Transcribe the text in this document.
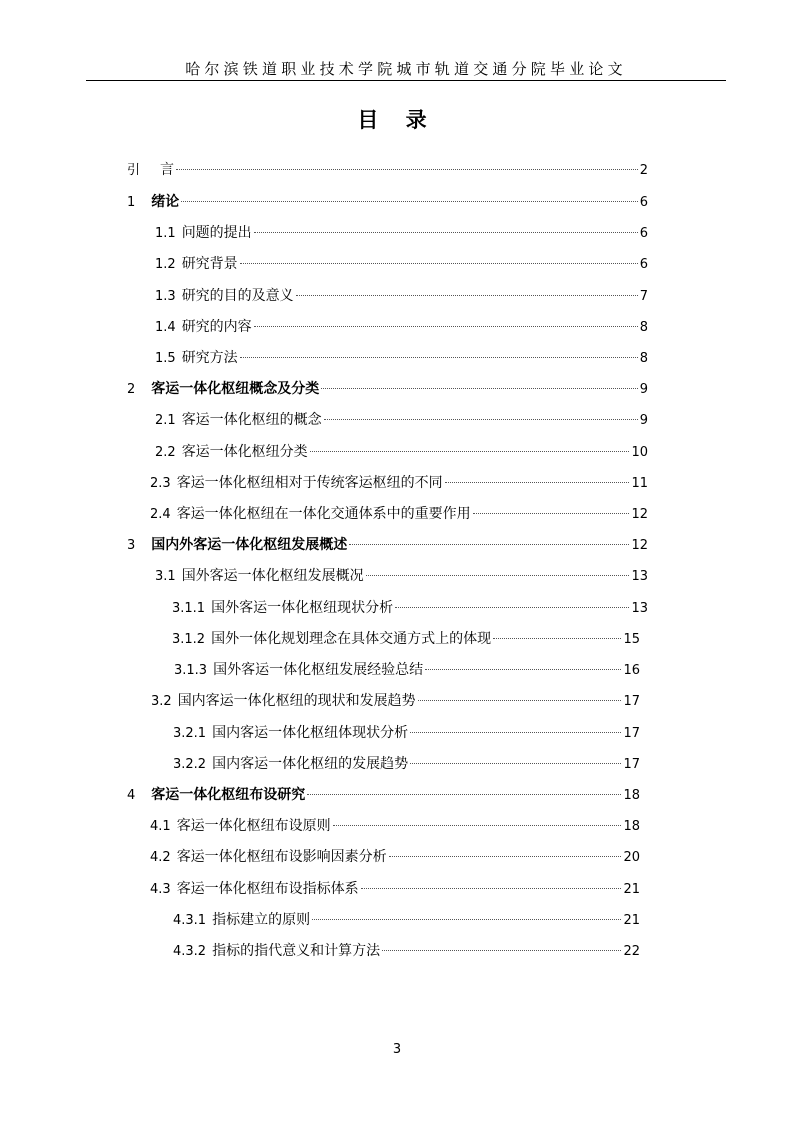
哈尔滨铁道职业技术学院城市轨道交通分院毕业论文
目 录
引 言	2
1 绪论	6
1.1 问题的提出	6
1.2 研究背景	6
1.3 研究的目的及意义	7
1.4 研究的内容	8
1.5 研究方法	8
2 客运一体化枢纽概念及分类	9
2.1 客运一体化枢纽的概念	9
2.2 客运一体化枢纽分类	10
2.3 客运一体化枢纽相对于传统客运枢纽的不同	11
2.4 客运一体化枢纽在一体化交通体系中的重要作用	12
3 国内外客运一体化枢纽发展概述	12
3.1 国外客运一体化枢纽发展概况	13
3.1.1 国外客运一体化枢纽现状分析	13
3.1.2 国外一体化规划理念在具体交通方式上的体现	15
3.1.3 国外客运一体化枢纽发展经验总结	16
3.2 国内客运一体化枢纽的现状和发展趋势	17
3.2.1 国内客运一体化枢纽体现状分析	17
3.2.2 国内客运一体化枢纽的发展趋势	17
4 客运一体化枢纽布设研究	18
4.1 客运一体化枢纽布设原则	18
4.2 客运一体化枢纽布设影响因素分析	20
4.3 客运一体化枢纽布设指标体系	21
4.3.1 指标建立的原则	21
4.3.2 指标的指代意义和计算方法	22
3
